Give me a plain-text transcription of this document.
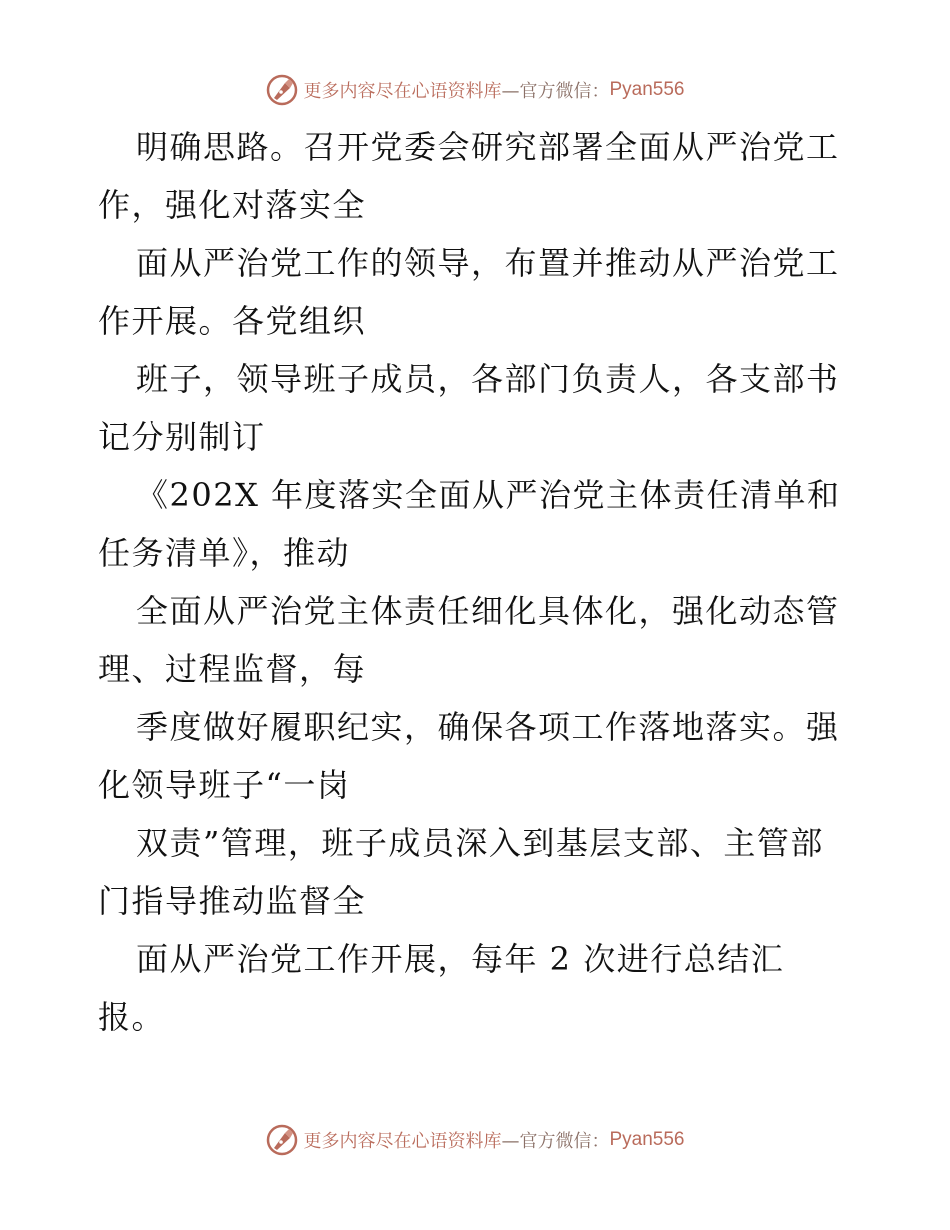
更多内容尽在心语资料库 —官方微信： Pyan556
明确思路。召开党委会研究部署全面从严治党工
作，强化对落实全
面从严治党工作的领导，布置并推动从严治党工
作开展。各党组织
班子，领导班子成员，各部门负责人，各支部书
记分别制订
《202X 年度落实全面从严治党主体责任清单和
任务清单》，推动
全面从严治党主体责任细化具体化，强化动态管
理、过程监督，每
季度做好履职纪实，确保各项工作落地落实。强
化领导班子“一岗
双责”管理，班子成员深入到基层支部、主管部
门指导推动监督全
面从严治党工作开展，每年 2 次进行总结汇
报。
更多内容尽在心语资料库 —官方微信： Pyan556
